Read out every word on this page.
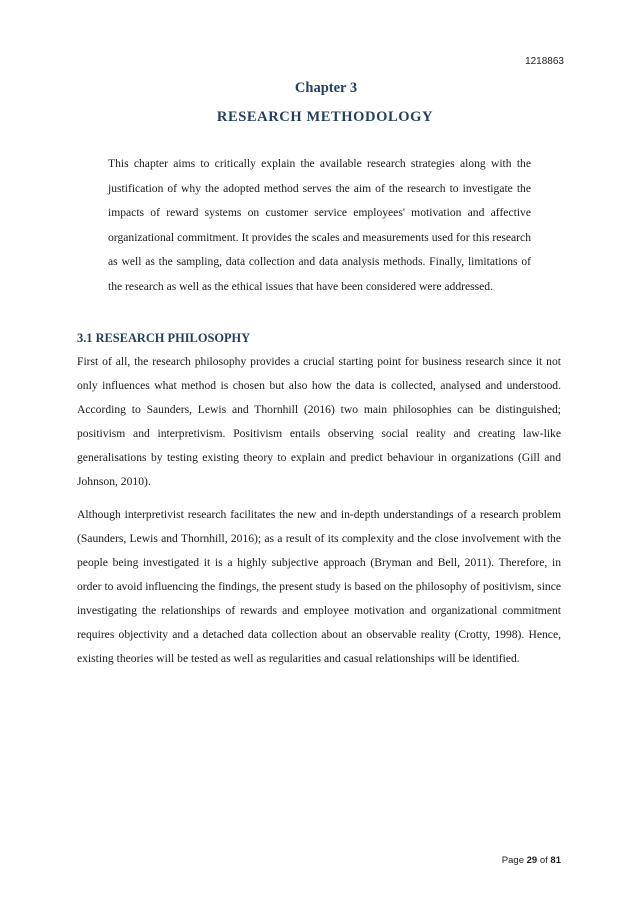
1218863
Chapter 3
RESEARCH METHODOLOGY

This chapter aims to critically explain the available research strategies along with the justification of why the adopted method serves the aim of the research to investigate the impacts of reward systems on customer service employees' motivation and affective organizational commitment. It provides the scales and measurements used for this research as well as the sampling, data collection and data analysis methods. Finally, limitations of the research as well as the ethical issues that have been considered were addressed.

3.1 RESEARCH PHILOSOPHY

First of all, the research philosophy provides a crucial starting point for business research since it not only influences what method is chosen but also how the data is collected, analysed and understood. According to Saunders, Lewis and Thornhill (2016) two main philosophies can be distinguished; positivism and interpretivism. Positivism entails observing social reality and creating law-like generalisations by testing existing theory to explain and predict behaviour in organizations (Gill and Johnson, 2010).

Although interpretivist research facilitates the new and in-depth understandings of a research problem (Saunders, Lewis and Thornhill, 2016); as a result of its complexity and the close involvement with the people being investigated it is a highly subjective approach (Bryman and Bell, 2011). Therefore, in order to avoid influencing the findings, the present study is based on the philosophy of positivism, since investigating the relationships of rewards and employee motivation and organizational commitment requires objectivity and a detached data collection about an observable reality (Crotty, 1998). Hence, existing theories will be tested as well as regularities and casual relationships will be identified.

Page 29 of 81
